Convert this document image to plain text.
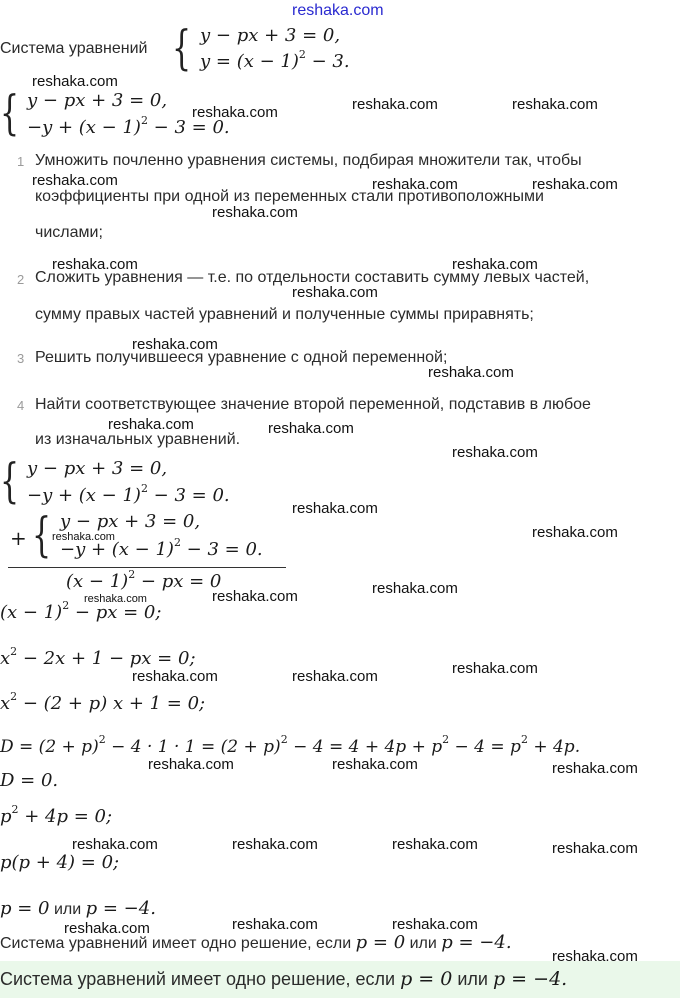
reshaka.com
Система уравнений { y − px + 3 = 0,
$y = (x - 1)^2 - 3$.
{ y − px + 3 = 0,
$-y + (x - 1)^2 - 3 = 0$.
1 Умножить почленно уравнения системы, подбирая множители так, чтобы
коэффициенты при одной из переменных стали противоположными
числами;
2 Сложить уравнения — т.е. по отдельности составить сумму левых частей,
сумму правых частей уравнений и полученные суммы приравнять;
3 Решить получившееся уравнение с одной переменной;
4 Найти соответствующее значение второй переменной, подставив в любое
из изначальных уравнений.
{ y − px + 3 = 0,
$-y + (x - 1)^2 - 3 = 0$.
+ { y − px + 3 = 0,
$-y + (x - 1)^2 - 3 = 0$.
$(x - 1)^2$ − px = 0
$(x - 1)^2$ − px = 0;
$x^2 - 2x + 1$ − px = 0;
$x^2 - (2 + p) x + 1 = 0$;
$D = (2 + p)^2 - 4 \cdot 1 \cdot 1 = (2 + p)^2 - 4 = 4 + 4p + p^2 - 4 = p^2 + 4p$.
D = 0.
$p^2 + 4p = 0$;
p(p + 4) = 0;
p = 0 или p = −4.
Система уравнений имеет одно решение, если p = 0 или p = −4.
Система уравнений имеет одно решение, если p = 0 или p = −4.
reshaka.com
reshaka.com	reshaka.com	reshaka.com
reshaka.com	reshaka.com	reshaka.com
reshaka.com
reshaka.com	reshaka.com
reshaka.com
reshaka.com
reshaka.com
reshaka.com	reshaka.com
reshaka.com
reshaka.com
reshaka.com
reshaka.com
reshaka.com
reshaka.com
reshaka.com
reshaka.com
reshaka.com	reshaka.com
reshaka.com	reshaka.com	reshaka.com
reshaka.com	reshaka.com	reshaka.com	reshaka.com
reshaka.com	reshaka.com
reshaka.com
reshaka.com
